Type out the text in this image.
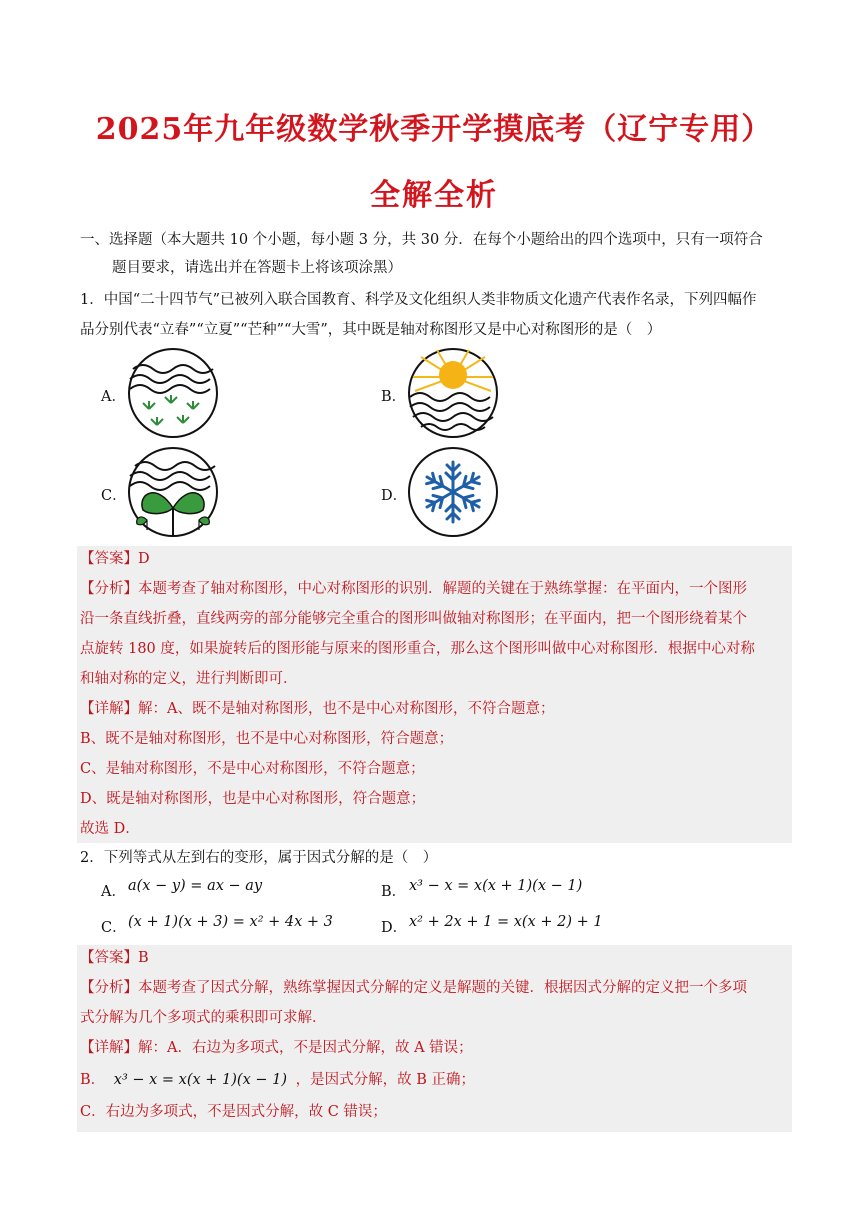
2025年九年级数学秋季开学摸底考（辽宁专用）
全解全析
一、选择题（本大题共 10 个小题，每小题 3 分，共 30 分．在每个小题给出的四个选项中，只有一项符合
题目要求，请选出并在答题卡上将该项涂黑）
1．中国“二十四节气”已被列入联合国教育、科学及文化组织人类非物质文化遗产代表作名录，下列四幅作
品分别代表“立春”“立夏”“芒种”“大雪”，其中既是轴对称图形又是中心对称图形的是（　）
A．	B．
C．	D．
【答案】D
【分析】本题考查了轴对称图形，中心对称图形的识别．解题的关键在于熟练掌握：在平面内，一个图形
沿一条直线折叠，直线两旁的部分能够完全重合的图形叫做轴对称图形；在平面内，把一个图形绕着某个
点旋转 180 度，如果旋转后的图形能与原来的图形重合，那么这个图形叫做中心对称图形．根据中心对称
和轴对称的定义，进行判断即可．
【详解】解：A、既不是轴对称图形，也不是中心对称图形，不符合题意；
B、既不是轴对称图形，也不是中心对称图形，符合题意；
C、是轴对称图形，不是中心对称图形，不符合题意；
D、既是轴对称图形，也是中心对称图形，符合题意；
故选 D．
2．下列等式从左到右的变形，属于因式分解的是（　）
A． a(x − y) = ax − ay	B． x³ − x = x(x + 1)(x − 1)
C． (x + 1)(x + 3) = x² + 4x + 3	D． x² + 2x + 1 = x(x + 2) + 1
【答案】B
【分析】本题考查了因式分解，熟练掌握因式分解的定义是解题的关键．根据因式分解的定义把一个多项
式分解为几个多项式的乘积即可求解．
【详解】解：A．右边为多项式，不是因式分解，故 A 错误；
B． x³ − x = x(x + 1)(x − 1) ，是因式分解，故 B 正确；
C．右边为多项式，不是因式分解，故 C 错误；
